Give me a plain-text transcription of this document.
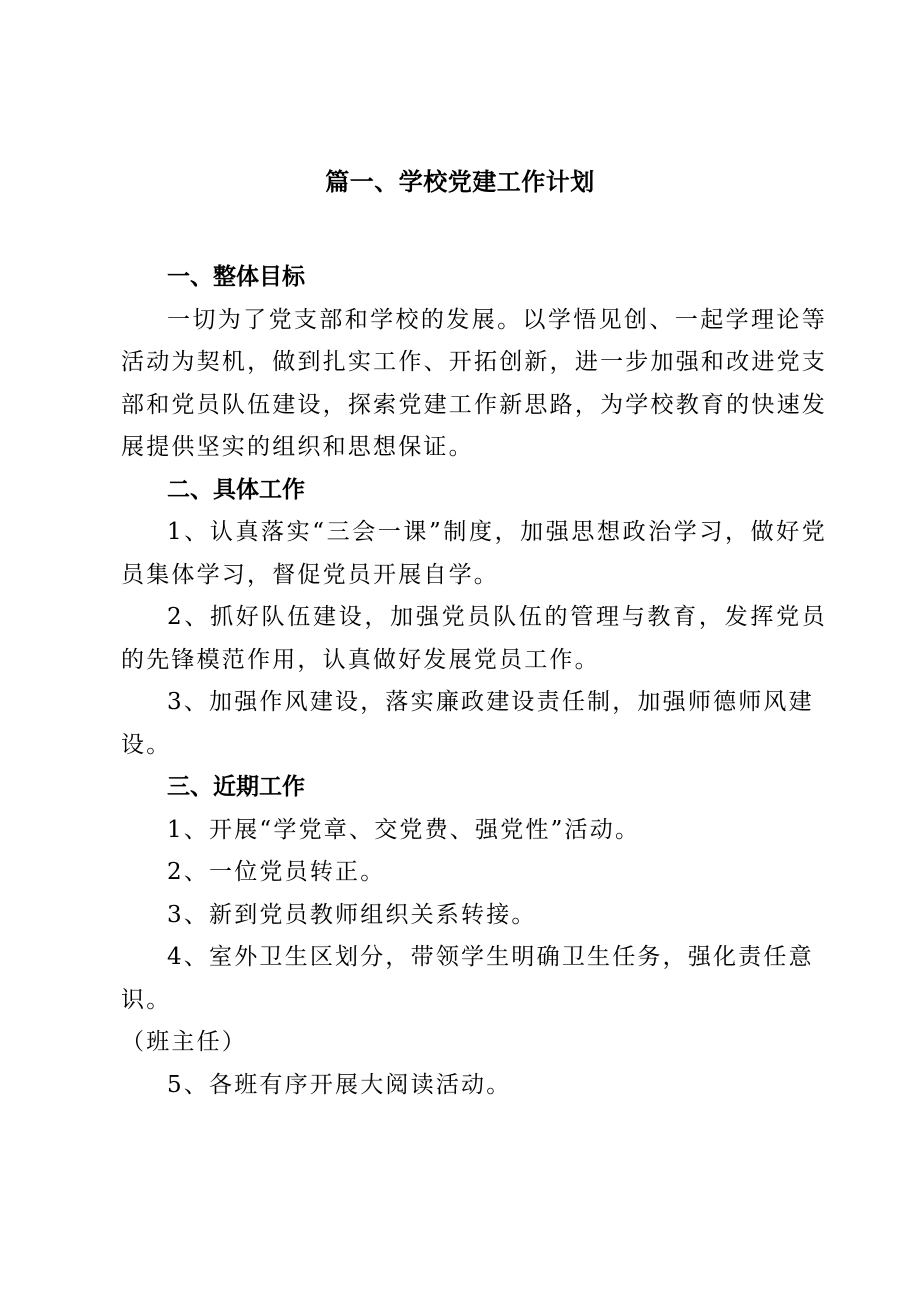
篇一、学校党建工作计划

一、整体目标

一切为了党支部和学校的发展。以学悟见创、一起学理论等活动为契机，做到扎实工作、开拓创新，进一步加强和改进党支部和党员队伍建设，探索党建工作新思路，为学校教育的快速发展提供坚实的组织和思想保证。

二、具体工作

1、认真落实“三会一课”制度，加强思想政治学习，做好党员集体学习，督促党员开展自学。

2、抓好队伍建设，加强党员队伍的管理与教育，发挥党员的先锋模范作用，认真做好发展党员工作。

3、加强作风建设，落实廉政建设责任制，加强师德师风建设。

三、近期工作

1、开展“学党章、交党费、强党性”活动。

2、一位党员转正。

3、新到党员教师组织关系转接。

4、室外卫生区划分，带领学生明确卫生任务，强化责任意识。
（班主任）

5、各班有序开展大阅读活动。
